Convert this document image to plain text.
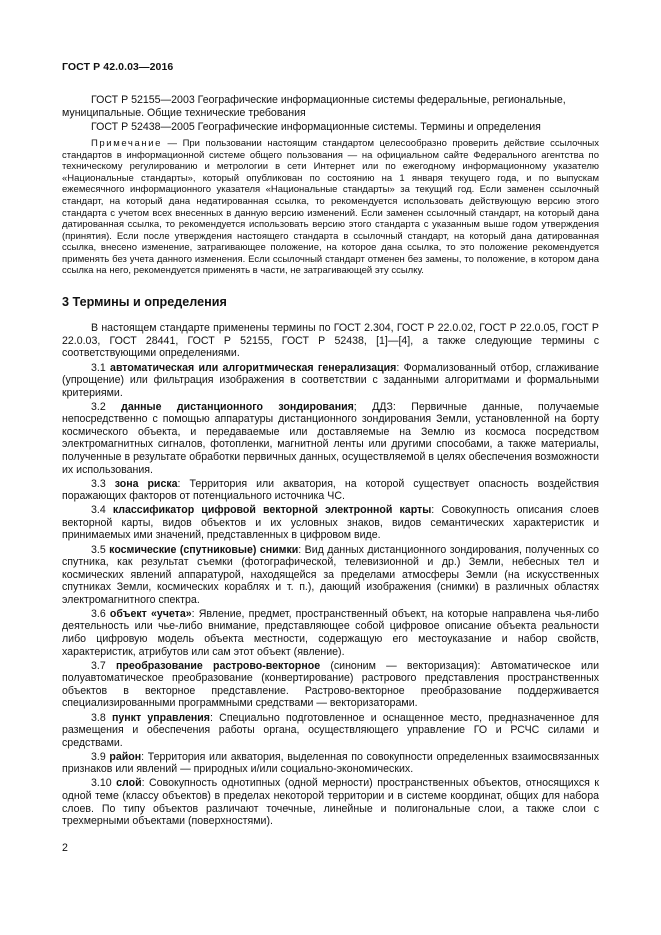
ГОСТ Р 42.0.03—2016

ГОСТ Р 52155—2003 Географические информационные системы федеральные, региональные, муниципальные. Общие технические требования

ГОСТ Р 52438—2005 Географические информационные системы. Термины и определения

Примечание — При пользовании настоящим стандартом целесообразно проверить действие ссылочных стандартов в информационной системе общего пользования — на официальном сайте Федерального агентства по техническому регулированию и метрологии в сети Интернет или по ежегодному информационному указателю «Национальные стандарты», который опубликован по состоянию на 1 января текущего года, и по выпускам ежемесячного информационного указателя «Национальные стандарты» за текущий год. Если заменен ссылочный стандарт, на который дана недатированная ссылка, то рекомендуется использовать действующую версию этого стандарта с учетом всех внесенных в данную версию изменений. Если заменен ссылочный стандарт, на который дана датированная ссылка, то рекомендуется использовать версию этого стандарта с указанным выше годом утверждения (принятия). Если после утверждения настоящего стандарта в ссылочный стандарт, на который дана датированная ссылка, внесено изменение, затрагивающее положение, на которое дана ссылка, то это положение рекомендуется применять без учета данного изменения. Если ссылочный стандарт отменен без замены, то положение, в котором дана ссылка на него, рекомендуется применять в части, не затрагивающей эту ссылку.

3 Термины и определения

В настоящем стандарте применены термины по ГОСТ 2.304, ГОСТ Р 22.0.02, ГОСТ Р 22.0.05, ГОСТ Р 22.0.03, ГОСТ 28441, ГОСТ Р 52155, ГОСТ Р 52438, [1]—[4], а также следующие термины с соответствующими определениями.

3.1 автоматическая или алгоритмическая генерализация: Формализованный отбор, сглаживание (упрощение) или фильтрация изображения в соответствии с заданными алгоритмами и формальными критериями.

3.2 данные дистанционного зондирования; ДДЗ: Первичные данные, получаемые непосредственно с помощью аппаратуры дистанционного зондирования Земли, установленной на борту космического объекта, и передаваемые или доставляемые на Землю из космоса посредством электромагнитных сигналов, фотопленки, магнитной ленты или другими способами, а также материалы, полученные в результате обработки первичных данных, осуществляемой в целях обеспечения возможности их использования.

3.3 зона риска: Территория или акватория, на которой существует опасность воздействия поражающих факторов от потенциального источника ЧС.

3.4 классификатор цифровой векторной электронной карты: Совокупность описания слоев векторной карты, видов объектов и их условных знаков, видов семантических характеристик и принимаемых ими значений, представленных в цифровом виде.

3.5 космические (спутниковые) снимки: Вид данных дистанционного зондирования, полученных со спутника, как результат съемки (фотографической, телевизионной и др.) Земли, небесных тел и космических явлений аппаратурой, находящейся за пределами атмосферы Земли (на искусственных спутниках Земли, космических кораблях и т. п.), дающий изображения (снимки) в различных областях электромагнитного спектра.

3.6 объект «учета»: Явление, предмет, пространственный объект, на которые направлена чья-либо деятельность или чье-либо внимание, представляющее собой цифровое описание объекта реальности либо цифровую модель объекта местности, содержащую его местоуказание и набор свойств, характеристик, атрибутов или сам этот объект (явление).

3.7 преобразование растрово-векторное (синоним — векторизация): Автоматическое или полуавтоматическое преобразование (конвертирование) растрового представления пространственных объектов в векторное представление. Растрово-векторное преобразование поддерживается специализированными программными средствами — векторизаторами.

3.8 пункт управления: Специально подготовленное и оснащенное место, предназначенное для размещения и обеспечения работы органа, осуществляющего управление ГО и РСЧС силами и средствами.

3.9 район: Территория или акватория, выделенная по совокупности определенных взаимосвязанных признаков или явлений — природных и/или социально-экономических.

3.10 слой: Совокупность однотипных (одной мерности) пространственных объектов, относящихся к одной теме (классу объектов) в пределах некоторой территории и в системе координат, общих для набора слоев. По типу объектов различают точечные, линейные и полигональные слои, а также слои с трехмерными объектами (поверхностями).

2
